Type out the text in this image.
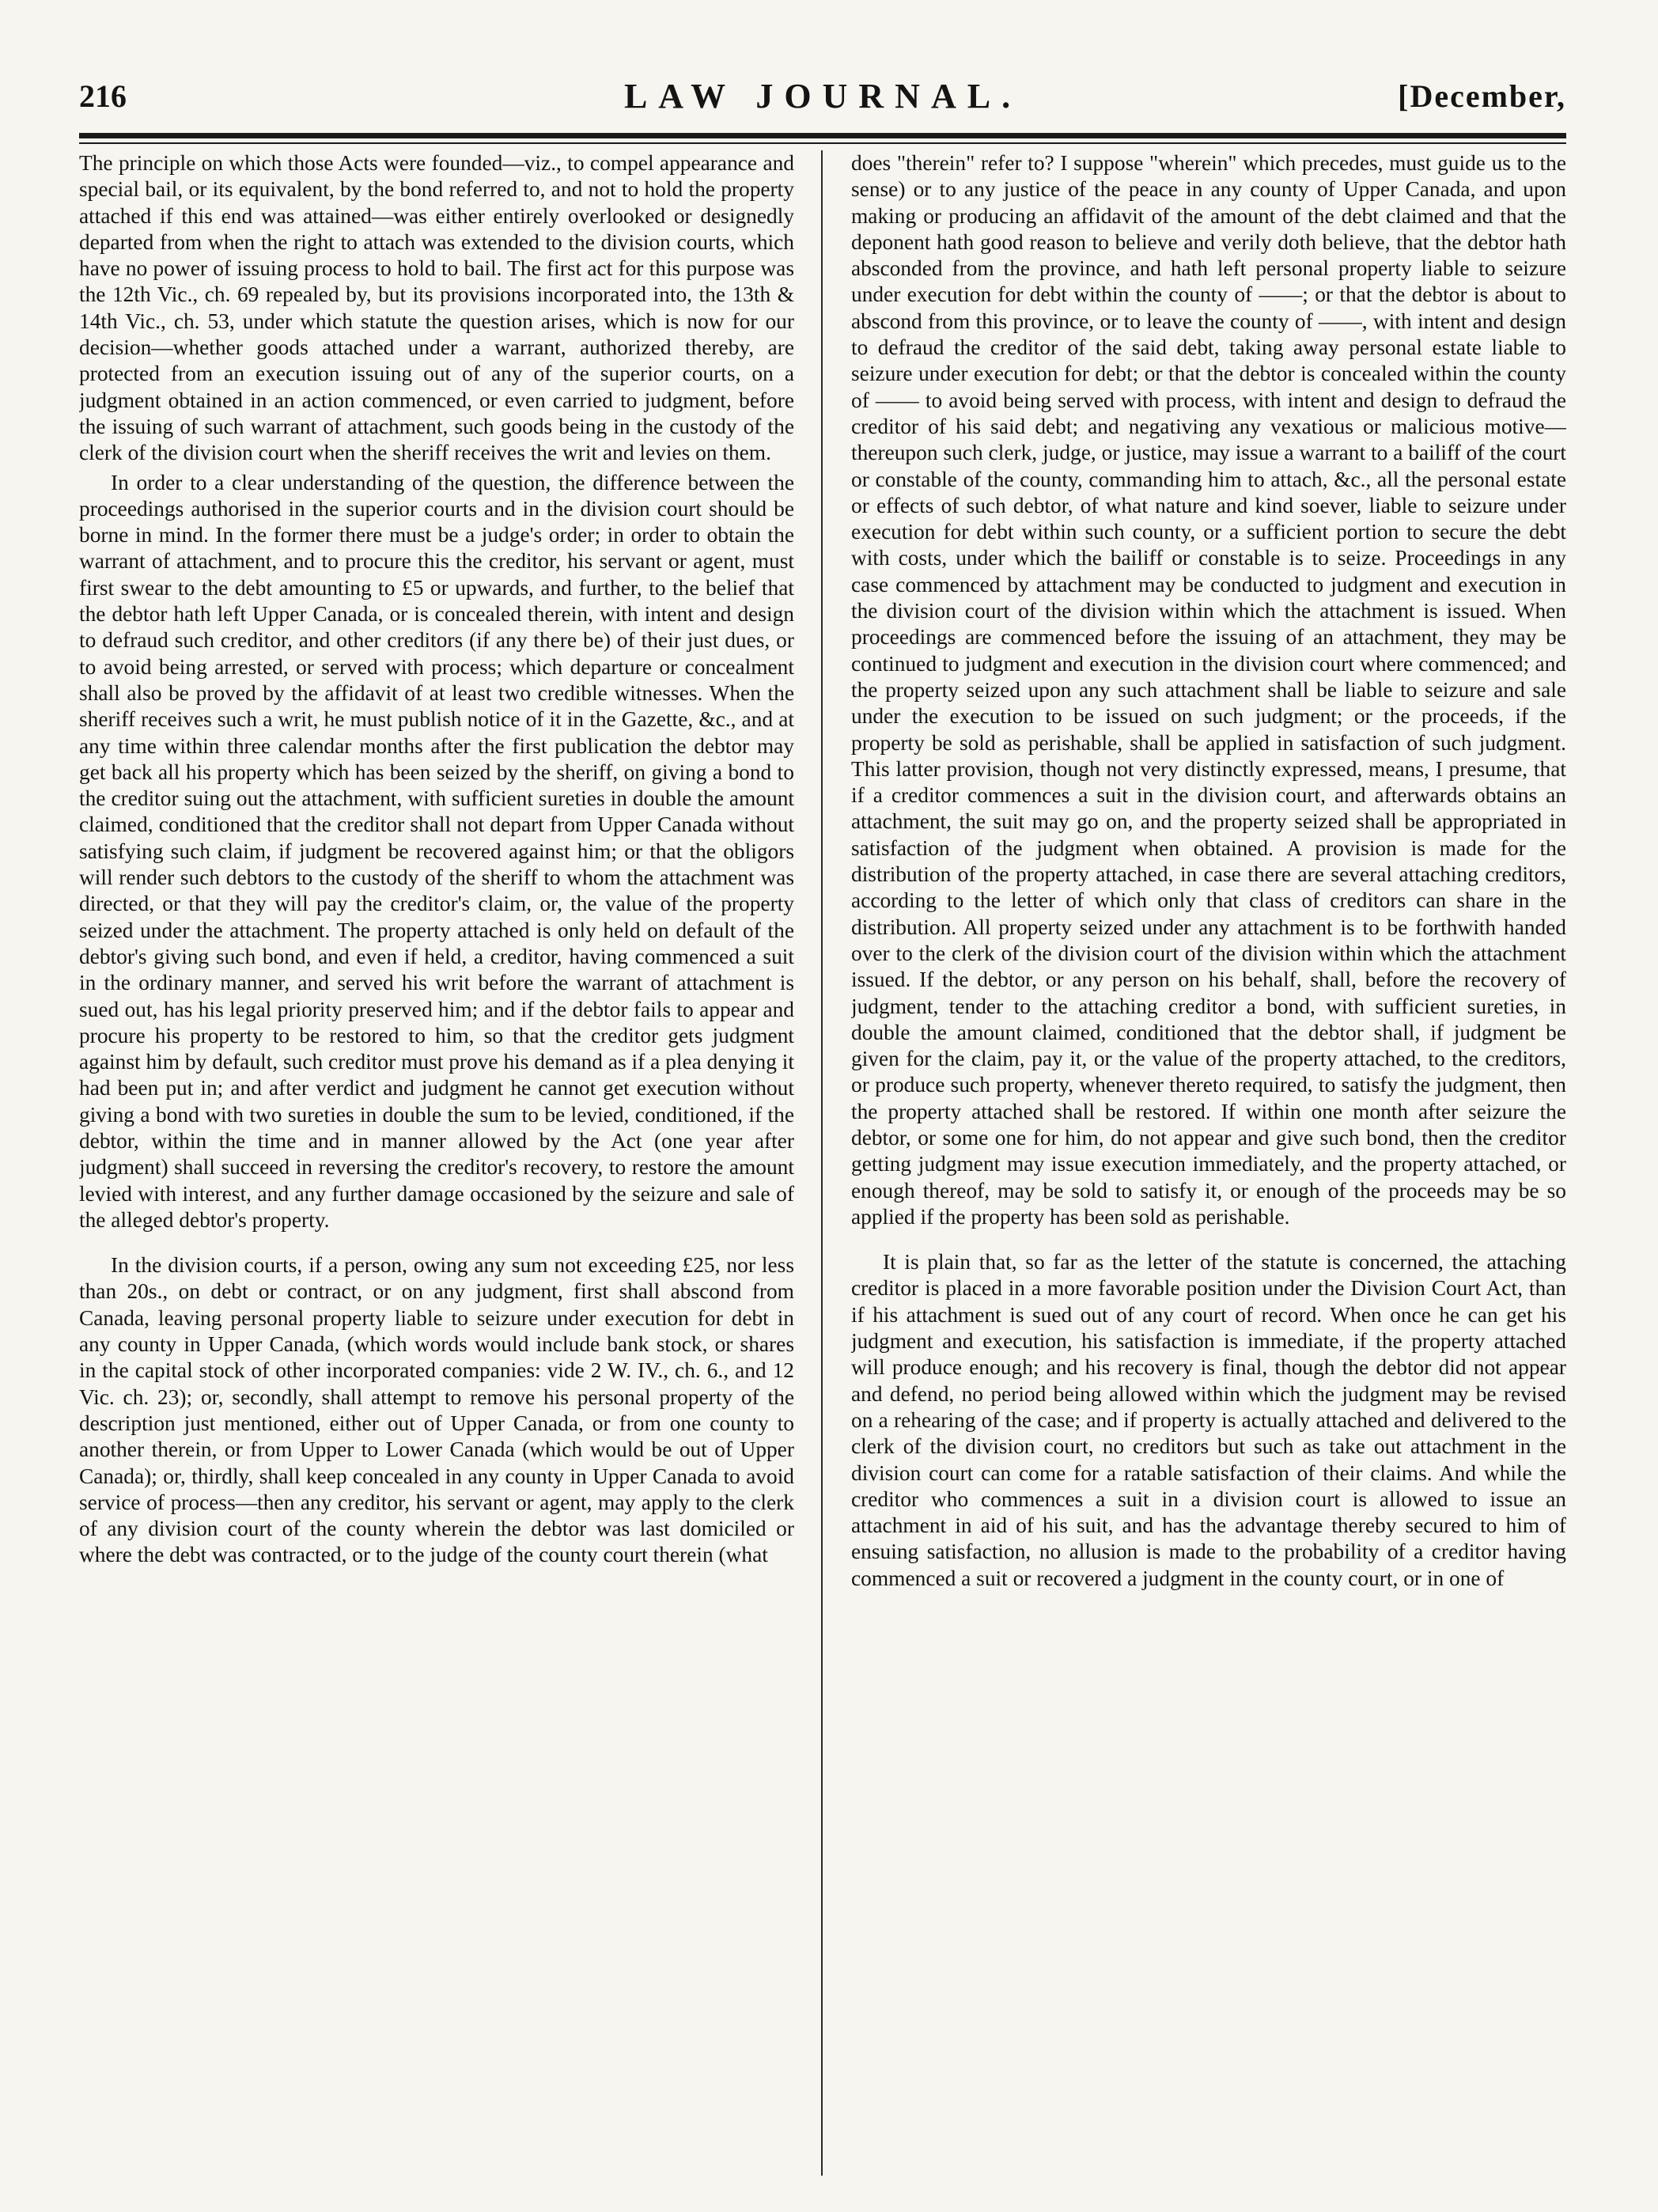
216	LAW JOURNAL.	[December,

The principle on which those Acts were founded—viz., to compel appearance and special bail, or its equivalent, by the bond referred to, and not to hold the property attached if this end was attained—was either entirely overlooked or designedly departed from when the right to attach was extended to the division courts, which have no power of issuing process to hold to bail. The first act for this purpose was the 12th Vic., ch. 69 repealed by, but its provisions incorporated into, the 13th & 14th Vic., ch. 53, under which statute the question arises, which is now for our decision—whether goods attached under a warrant, authorized thereby, are protected from an execution issuing out of any of the superior courts, on a judgment obtained in an action commenced, or even carried to judgment, before the issuing of such warrant of attachment, such goods being in the custody of the clerk of the division court when the sheriff receives the writ and levies on them.

In order to a clear understanding of the question, the difference between the proceedings authorised in the superior courts and in the division court should be borne in mind. In the former there must be a judge's order; in order to obtain the warrant of attachment, and to procure this the creditor, his servant or agent, must first swear to the debt amounting to £5 or upwards, and further, to the belief that the debtor hath left Upper Canada, or is concealed therein, with intent and design to defraud such creditor, and other creditors (if any there be) of their just dues, or to avoid being arrested, or served with process; which departure or concealment shall also be proved by the affidavit of at least two credible witnesses. When the sheriff receives such a writ, he must publish notice of it in the Gazette, &c., and at any time within three calendar months after the first publication the debtor may get back all his property which has been seized by the sheriff, on giving a bond to the creditor suing out the attachment, with sufficient sureties in double the amount claimed, conditioned that the creditor shall not depart from Upper Canada without satisfying such claim, if judgment be recovered against him; or that the obligors will render such debtors to the custody of the sheriff to whom the attachment was directed, or that they will pay the creditor's claim, or, the value of the property seized under the attachment. The property attached is only held on default of the debtor's giving such bond, and even if held, a creditor, having commenced a suit in the ordinary manner, and served his writ before the warrant of attachment is sued out, has his legal priority preserved him; and if the debtor fails to appear and procure his property to be restored to him, so that the creditor gets judgment against him by default, such creditor must prove his demand as if a plea denying it had been put in; and after verdict and judgment he cannot get execution without giving a bond with two sureties in double the sum to be levied, conditioned, if the debtor, within the time and in manner allowed by the Act (one year after judgment) shall succeed in reversing the creditor's recovery, to restore the amount levied with interest, and any further damage occasioned by the seizure and sale of the alleged debtor's property.

In the division courts, if a person, owing any sum not exceeding £25, nor less than 20s., on debt or contract, or on any judgment, first shall abscond from Canada, leaving personal property liable to seizure under execution for debt in any county in Upper Canada, (which words would include bank stock, or shares in the capital stock of other incorporated companies: vide 2 W. IV., ch. 6., and 12 Vic. ch. 23); or, secondly, shall attempt to remove his personal property of the description just mentioned, either out of Upper Canada, or from one county to another therein, or from Upper to Lower Canada (which would be out of Upper Canada); or, thirdly, shall keep concealed in any county in Upper Canada to avoid service of process—then any creditor, his servant or agent, may apply to the clerk of any division court of the county wherein the debtor was last domiciled or where the debt was contracted, or to the judge of the county court therein (what

does "therein" refer to? I suppose "wherein" which precedes, must guide us to the sense) or to any justice of the peace in any county of Upper Canada, and upon making or producing an affidavit of the amount of the debt claimed and that the deponent hath good reason to believe and verily doth believe, that the debtor hath absconded from the province, and hath left personal property liable to seizure under execution for debt within the county of ——; or that the debtor is about to abscond from this province, or to leave the county of ——, with intent and design to defraud the creditor of the said debt, taking away personal estate liable to seizure under execution for debt; or that the debtor is concealed within the county of —— to avoid being served with process, with intent and design to defraud the creditor of his said debt; and negativing any vexatious or malicious motive—thereupon such clerk, judge, or justice, may issue a warrant to a bailiff of the court or constable of the county, commanding him to attach, &c., all the personal estate or effects of such debtor, of what nature and kind soever, liable to seizure under execution for debt within such county, or a sufficient portion to secure the debt with costs, under which the bailiff or constable is to seize. Proceedings in any case commenced by attachment may be conducted to judgment and execution in the division court of the division within which the attachment is issued. When proceedings are commenced before the issuing of an attachment, they may be continued to judgment and execution in the division court where commenced; and the property seized upon any such attachment shall be liable to seizure and sale under the execution to be issued on such judgment; or the proceeds, if the property be sold as perishable, shall be applied in satisfaction of such judgment. This latter provision, though not very distinctly expressed, means, I presume, that if a creditor commences a suit in the division court, and afterwards obtains an attachment, the suit may go on, and the property seized shall be appropriated in satisfaction of the judgment when obtained. A provision is made for the distribution of the property attached, in case there are several attaching creditors, according to the letter of which only that class of creditors can share in the distribution. All property seized under any attachment is to be forthwith handed over to the clerk of the division court of the division within which the attachment issued. If the debtor, or any person on his behalf, shall, before the recovery of judgment, tender to the attaching creditor a bond, with sufficient sureties, in double the amount claimed, conditioned that the debtor shall, if judgment be given for the claim, pay it, or the value of the property attached, to the creditors, or produce such property, whenever thereto required, to satisfy the judgment, then the property attached shall be restored. If within one month after seizure the debtor, or some one for him, do not appear and give such bond, then the creditor getting judgment may issue execution immediately, and the property attached, or enough thereof, may be sold to satisfy it, or enough of the proceeds may be so applied if the property has been sold as perishable.

It is plain that, so far as the letter of the statute is concerned, the attaching creditor is placed in a more favorable position under the Division Court Act, than if his attachment is sued out of any court of record. When once he can get his judgment and execution, his satisfaction is immediate, if the property attached will produce enough; and his recovery is final, though the debtor did not appear and defend, no period being allowed within which the judgment may be revised on a rehearing of the case; and if property is actually attached and delivered to the clerk of the division court, no creditors but such as take out attachment in the division court can come for a ratable satisfaction of their claims. And while the creditor who commences a suit in a division court is allowed to issue an attachment in aid of his suit, and has the advantage thereby secured to him of ensuing satisfaction, no allusion is made to the probability of a creditor having commenced a suit or recovered a judgment in the county court, or in one of
